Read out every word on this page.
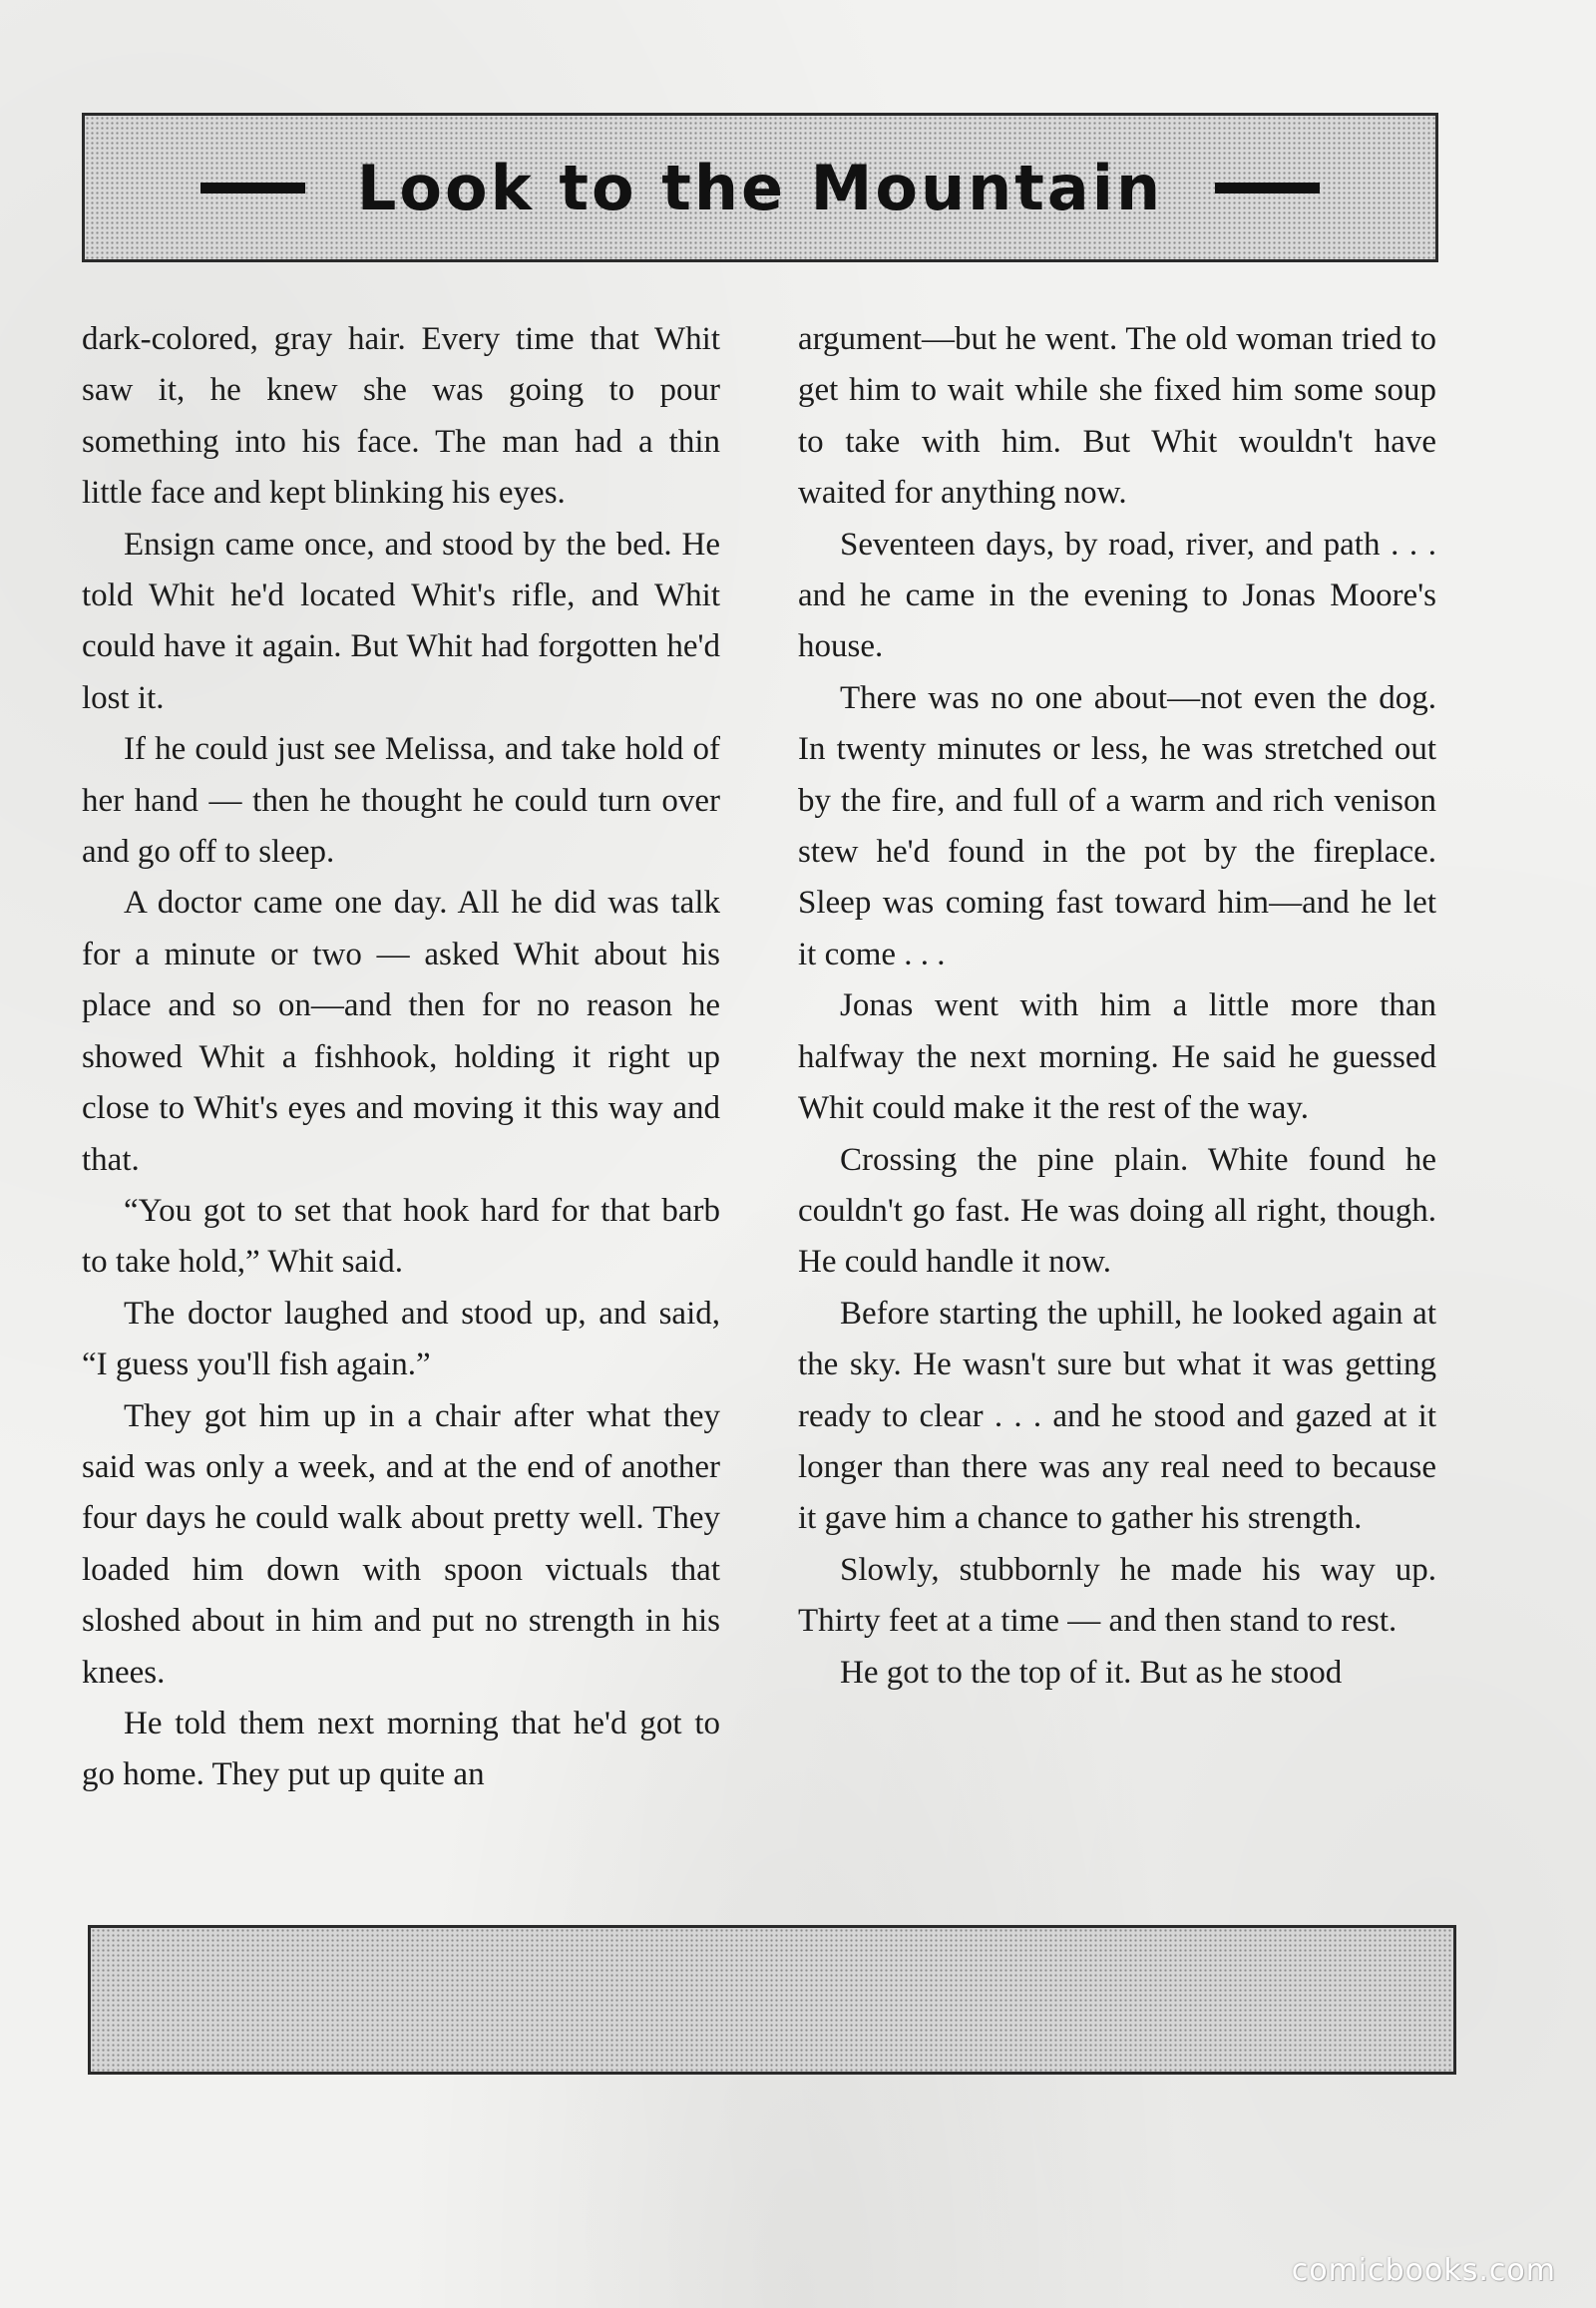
Look to the Mountain

dark-colored, gray hair. Every time that Whit saw it, he knew she was going to pour something into his face. The man had a thin little face and kept blinking his eyes.

Ensign came once, and stood by the bed. He told Whit he'd located Whit's rifle, and Whit could have it again. But Whit had forgotten he'd lost it.

If he could just see Melissa, and take hold of her hand — then he thought he could turn over and go off to sleep.

A doctor came one day. All he did was talk for a minute or two — asked Whit about his place and so on—and then for no reason he showed Whit a fishhook, holding it right up close to Whit's eyes and moving it this way and that.

“You got to set that hook hard for that barb to take hold,” Whit said.

The doctor laughed and stood up, and said, “I guess you'll fish again.”

They got him up in a chair after what they said was only a week, and at the end of another four days he could walk about pretty well. They loaded him down with spoon victuals that sloshed about in him and put no strength in his knees.

He told them next morning that he'd got to go home. They put up quite an

argument—but he went. The old woman tried to get him to wait while she fixed him some soup to take with him. But Whit wouldn't have waited for anything now.

Seventeen days, by road, river, and path . . . and he came in the evening to Jonas Moore's house.

There was no one about—not even the dog. In twenty minutes or less, he was stretched out by the fire, and full of a warm and rich venison stew he'd found in the pot by the fireplace. Sleep was coming fast toward him—and he let it come . . .

Jonas went with him a little more than halfway the next morning. He said he guessed Whit could make it the rest of the way.

Crossing the pine plain. White found he couldn't go fast. He was doing all right, though. He could handle it now.

Before starting the uphill, he looked again at the sky. He wasn't sure but what it was getting ready to clear . . . and he stood and gazed at it longer than there was any real need to because it gave him a chance to gather his strength.

Slowly, stubbornly he made his way up. Thirty feet at a time — and then stand to rest.

He got to the top of it. But as he stood

comicbooks.com
